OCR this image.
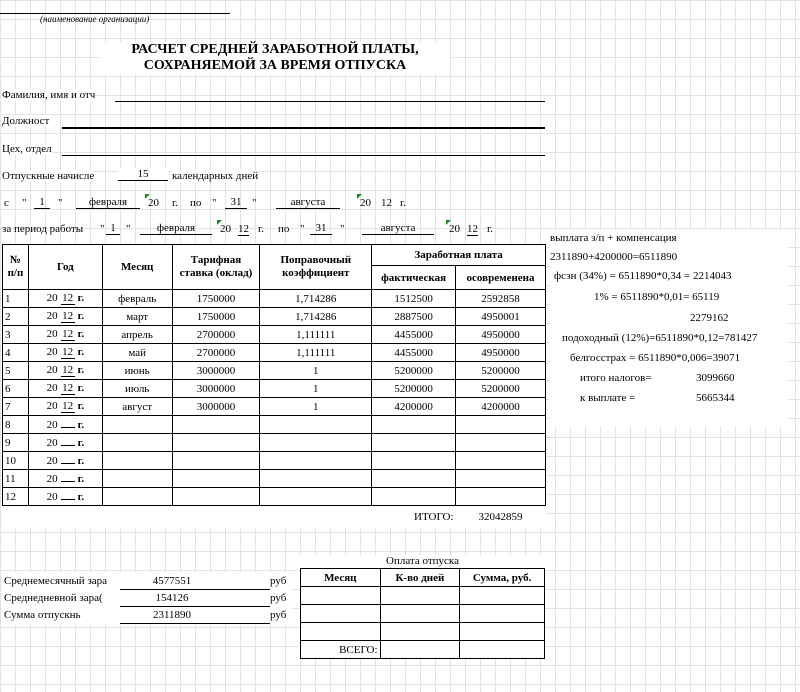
(наименование организации)
РАСЧЕТ СРЕДНЕЙ ЗАРАБОТНОЙ ПЛАТЫ,
СОХРАНЯЕМОЙ ЗА ВРЕМЯ ОТПУСКА
Фамилия, имя и отч
Должност
Цех, отдел
Отпускные начисле	15	календарных дней
с "	1	"	февраля	20 г. по "	31 "	августа	20 12 г.
за период работы " 1 "	февраля	20 12 г. по "	31	"	августа	20 12 г.
№
п/п	Год	Месяц	Тарифная ставка (оклад)	Поправочный коэффициент	Заработная плата	
					фактическая	осовременена
1	20 12 г.	февраль	1750000	1,714286	1512500	2592858
2	20 12 г.	март	1750000	1,714286	2887500	4950001
3	20 12 г.	апрель	2700000	1,111111	4455000	4950000
4	20 12 г.	май	2700000	1,111111	4455000	4950000
5	20 12 г.	июнь	3000000	1	5200000	5200000
6	20 12 г.	июль	3000000	1	5200000	5200000
7	20 12 г.	август	3000000	1	4200000	4200000
8	20 г.					
9	20 г.					
10	20 г.					
11	20 г.					
12	20 г.					
					ИТОГО:	32042859
выплата з/п + компенсация
2311890+4200000=6511890
фсзн (34%) = 6511890*0,34 = 2214043
1% = 6511890*0,01= 65119
2279162
подоходный (12%)=6511890*0,12=781427
белгосстрах = 6511890*0,006=39071
итого налогов=	3099660
к выплате =	5665344
Среднемесячный зара	4577551	руб
Среднедневной зара(	154126	руб
Сумма отпускнь	2311890	руб
Оплата отпуска
Месяц	К-во дней	Сумма, руб.

ВСЕГО:		
